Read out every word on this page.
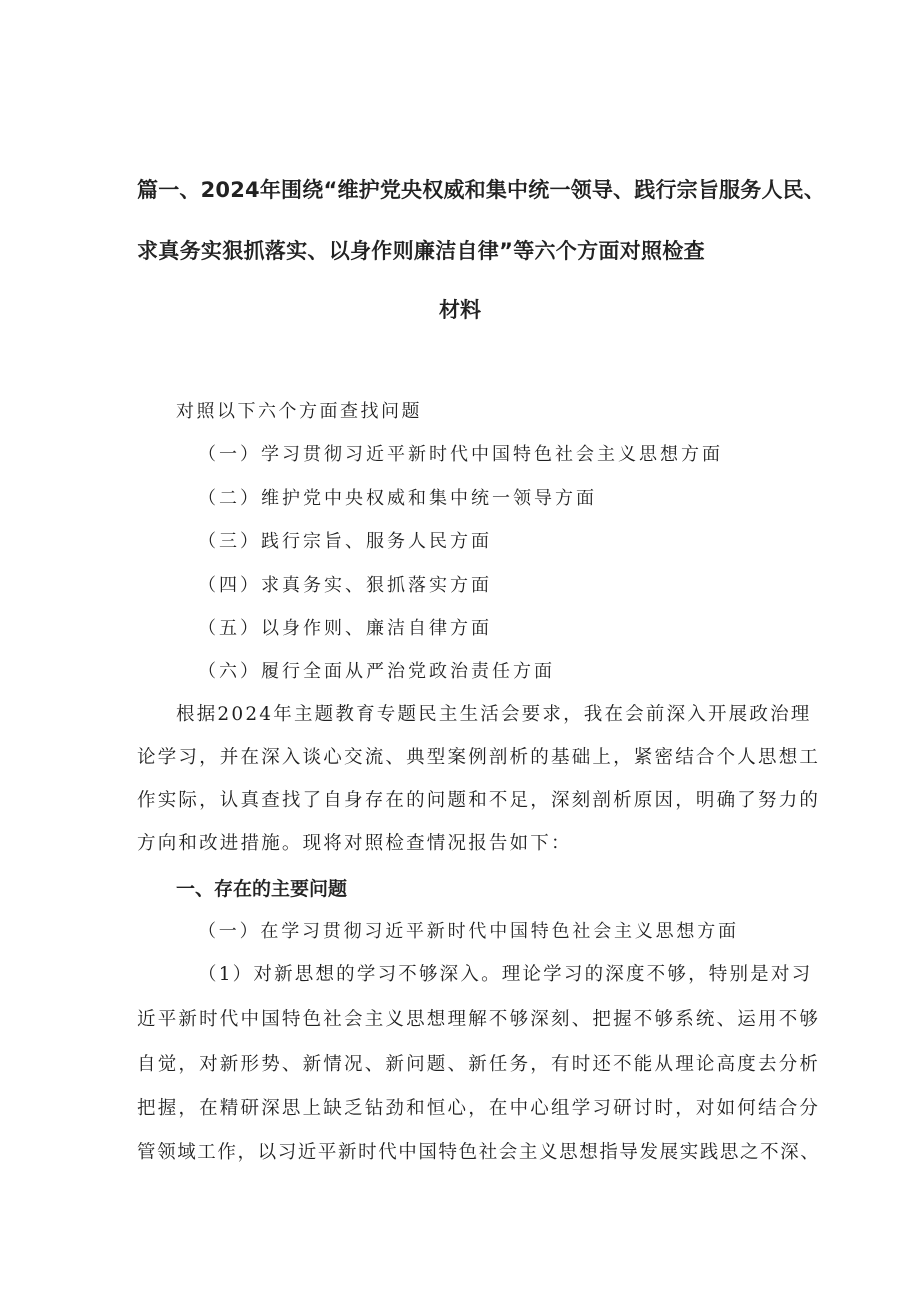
篇一、2024年围绕“维护党央权威和集中统一领导、践行宗旨服务人民、
求真务实狠抓落实、以身作则廉洁自律”等六个方面对照检查
材料
对照以下六个方面查找问题
（一）学习贯彻习近平新时代中国特色社会主义思想方面
（二）维护党中央权威和集中统一领导方面
（三）践行宗旨、服务人民方面
（四）求真务实、狠抓落实方面
（五）以身作则、廉洁自律方面
（六）履行全面从严治党政治责任方面
根据2024年主题教育专题民主生活会要求，我在会前深入开展政治理
论学习，并在深入谈心交流、典型案例剖析的基础上，紧密结合个人思想工
作实际，认真查找了自身存在的问题和不足，深刻剖析原因，明确了努力的
方向和改进措施。现将对照检查情况报告如下：
一、存在的主要问题
（一）在学习贯彻习近平新时代中国特色社会主义思想方面
（1）对新思想的学习不够深入。理论学习的深度不够，特别是对习
近平新时代中国特色社会主义思想理解不够深刻、把握不够系统、运用不够
自觉，对新形势、新情况、新问题、新任务，有时还不能从理论高度去分析
把握，在精研深思上缺乏钻劲和恒心，在中心组学习研讨时，对如何结合分
管领域工作，以习近平新时代中国特色社会主义思想指导发展实践思之不深、
